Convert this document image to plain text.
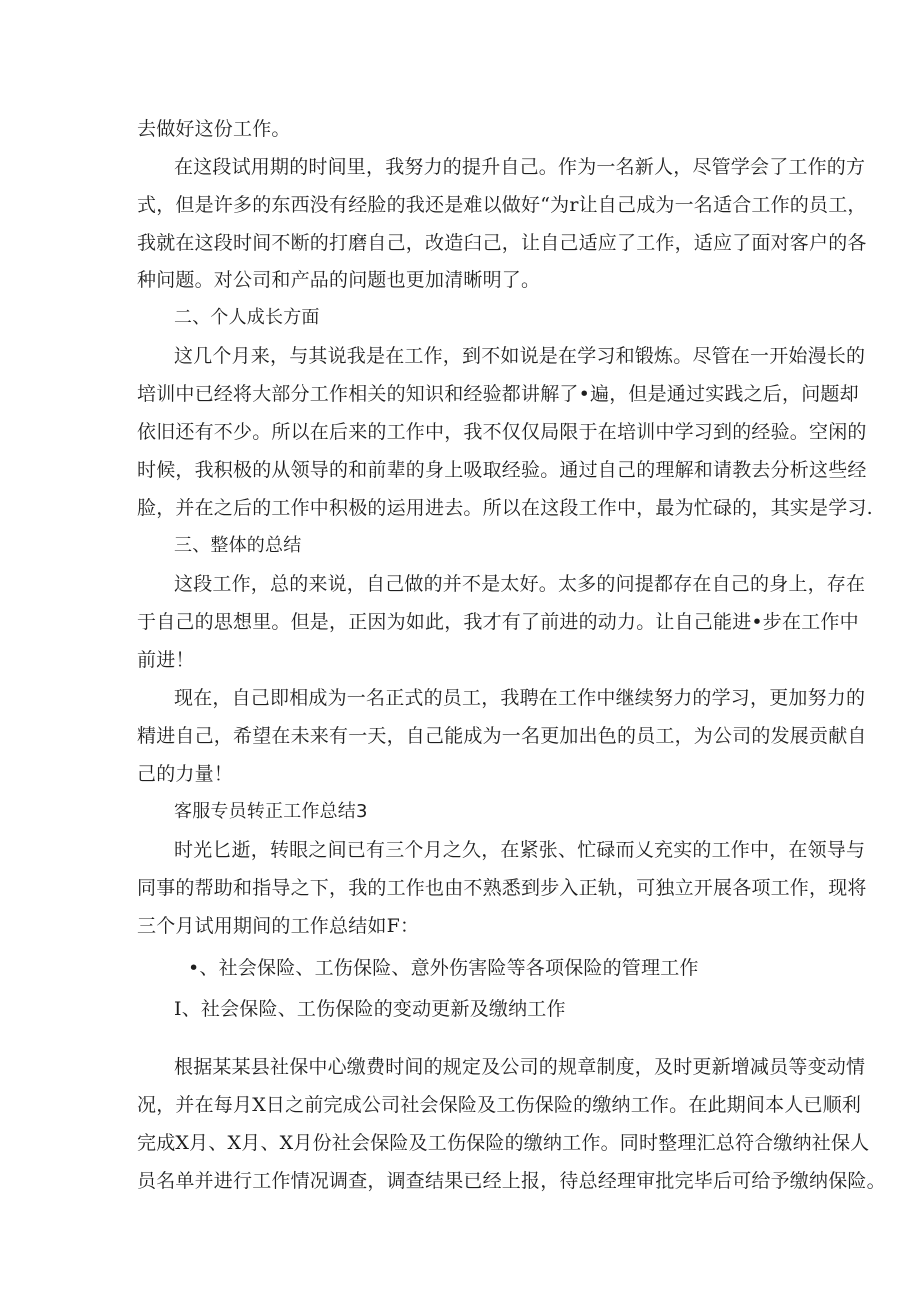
去做好这份工作。
在这段试用期的时间里，我努力的提升自己。作为一名新人，尽管学会了工作的方
式，但是许多的东西没有经脸的我还是难以做好“为r让自己成为一名适合工作的员工，
我就在这段时间不断的打磨自己，改造臼己，让自己适应了工作，适应了面对客户的各
种问题。对公司和产品的问题也更加清晰明了。
二、个人成长方面
这几个月来，与其说我是在工作，到不如说是在学习和锻炼。尽管在一开始漫长的
培训中已经将大部分工作相关的知识和经验都讲解了•遍，但是通过实践之后，问题却
依旧还有不少。所以在后来的工作中，我不仅仅局限于在培训中学习到的经验。空闲的
时候，我积极的从领导的和前辈的身上吸取经验。通过自己的理解和请教去分析这些经
脸，并在之后的工作中积极的运用进去。所以在这段工作中，最为忙碌的，其实是学习.
三、整体的总结
这段工作，总的来说，自己做的并不是太好。太多的问提都存在自己的身上，存在
于自己的思想里。但是，正因为如此，我才有了前进的动力。让自己能进•步在工作中
前进！
现在，自己即相成为一名正式的员工，我聘在工作中继续努力的学习，更加努力的
精进自己，希望在未来有一天，自己能成为一名更加出色的员工，为公司的发展贡献自
己的力量！
客服专员转正工作总结3
时光匕逝，转眼之间已有三个月之久，在紧张、忙碌而乂充实的工作中，在领导与
同事的帮助和指导之下，我的工作也由不熟悉到步入正轨，可独立开展各项工作，现将
三个月试用期间的工作总结如F：
•、社会保险、工伤保险、意外伤害险等各项保险的管理工作
I、社会保险、工伤保险的变动更新及缴纳工作
根据某某县社保中心缴费时间的规定及公司的规章制度，及时更新增减员等变动情
况，并在每月X日之前完成公司社会保险及工伤保险的缴纳工作。在此期间本人已顺利
完成X月、X月、X月份社会保险及工伤保险的缴纳工作。同时整理汇总符合缴纳社保人
员名单并进行工作情况调查，调查结果已经上报，待总经理审批完毕后可给予缴纳保险。
